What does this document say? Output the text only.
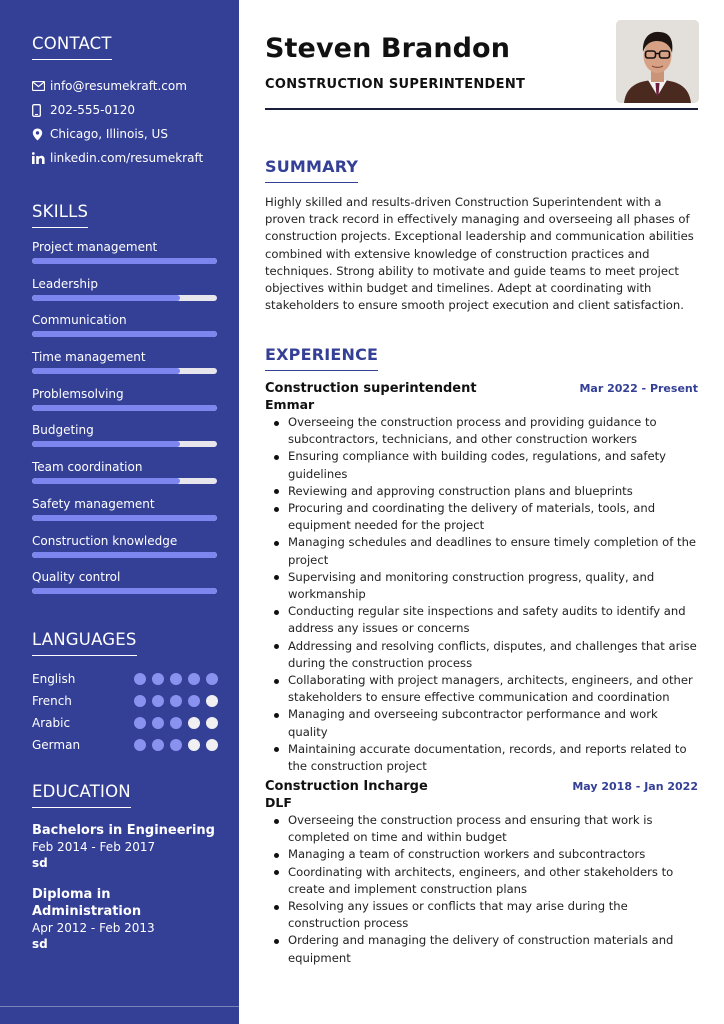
CONTACT
info@resumekraft.com
202-555-0120
Chicago, Illinois, US
linkedin.com/resumekraft
SKILLS
Project management
Leadership
Communication
Time management
Problemsolving
Budgeting
Team coordination
Safety management
Construction knowledge
Quality control
LANGUAGES
English
French
Arabic
German
EDUCATION
Bachelors in Engineering
Feb 2014 - Feb 2017
sd
Diploma in Administration
Apr 2012 - Feb 2013
sd
Steven Brandon
CONSTRUCTION SUPERINTENDENT
SUMMARY

Highly skilled and results-driven Construction Superintendent with a proven track record in effectively managing and overseeing all phases of construction projects. Exceptional leadership and communication abilities combined with extensive knowledge of construction practices and techniques. Strong ability to motivate and guide teams to meet project objectives within budget and timelines. Adept at coordinating with stakeholders to ensure smooth project execution and client satisfaction.

EXPERIENCE
Construction superintendent	Mar 2022 - Present
Emmar
Overseeing the construction process and providing guidance to subcontractors, technicians, and other construction workers
Ensuring compliance with building codes, regulations, and safety guidelines
Reviewing and approving construction plans and blueprints
Procuring and coordinating the delivery of materials, tools, and equipment needed for the project
Managing schedules and deadlines to ensure timely completion of the project
Supervising and monitoring construction progress, quality, and workmanship
Conducting regular site inspections and safety audits to identify and address any issues or concerns
Addressing and resolving conflicts, disputes, and challenges that arise during the construction process
Collaborating with project managers, architects, engineers, and other stakeholders to ensure effective communication and coordination
Managing and overseeing subcontractor performance and work quality
Maintaining accurate documentation, records, and reports related to the construction project
Construction Incharge	May 2018 - Jan 2022
DLF
Overseeing the construction process and ensuring that work is completed on time and within budget
Managing a team of construction workers and subcontractors
Coordinating with architects, engineers, and other stakeholders to create and implement construction plans
Resolving any issues or conflicts that may arise during the construction process
Ordering and managing the delivery of construction materials and equipment
